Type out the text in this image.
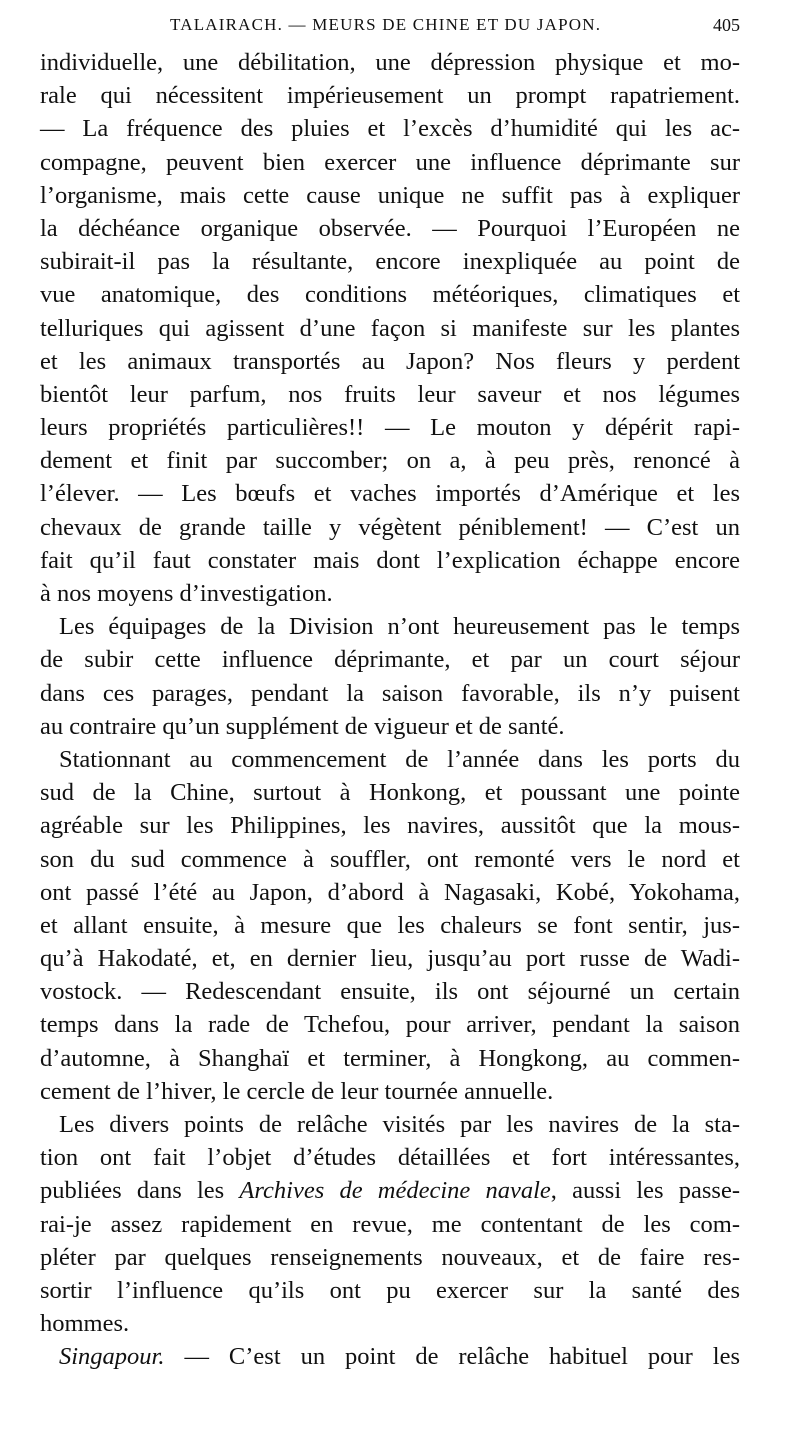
TALAIRACH. — MEURS DE CHINE ET DU JAPON.	405
individuelle, une débilitation, une dépression physique et mo-
rale qui nécessitent impérieusement un prompt rapatriement.
— La fréquence des pluies et l’excès d’humidité qui les ac-
compagne, peuvent bien exercer une influence déprimante sur
l’organisme, mais cette cause unique ne suffit pas à expliquer
la déchéance organique observée. — Pourquoi l’Européen ne
subirait-il pas la résultante, encore inexpliquée au point de
vue anatomique, des conditions météoriques, climatiques et
telluriques qui agissent d’une façon si manifeste sur les plantes
et les animaux transportés au Japon? Nos fleurs y perdent
bientôt leur parfum, nos fruits leur saveur et nos légumes
leurs propriétés particulières!! — Le mouton y dépérit rapi-
dement et finit par succomber; on a, à peu près, renoncé à
l’élever. — Les bœufs et vaches importés d’Amérique et les
chevaux de grande taille y végètent péniblement! — C’est un
fait qu’il faut constater mais dont l’explication échappe encore
à nos moyens d’investigation.
Les équipages de la Division n’ont heureusement pas le temps
de subir cette influence déprimante, et par un court séjour
dans ces parages, pendant la saison favorable, ils n’y puisent
au contraire qu’un supplément de vigueur et de santé.
Stationnant au commencement de l’année dans les ports du
sud de la Chine, surtout à Honkong, et poussant une pointe
agréable sur les Philippines, les navires, aussitôt que la mous-
son du sud commence à souffler, ont remonté vers le nord et
ont passé l’été au Japon, d’abord à Nagasaki, Kobé, Yokohama,
et allant ensuite, à mesure que les chaleurs se font sentir, jus-
qu’à Hakodaté, et, en dernier lieu, jusqu’au port russe de Wadi-
vostock. — Redescendant ensuite, ils ont séjourné un certain
temps dans la rade de Tchefou, pour arriver, pendant la saison
d’automne, à Shanghaï et terminer, à Hongkong, au commen-
cement de l’hiver, le cercle de leur tournée annuelle.
Les divers points de relâche visités par les navires de la sta-
tion ont fait l’objet d’études détaillées et fort intéressantes,
publiées dans les Archives de médecine navale, aussi les passe-
rai-je assez rapidement en revue, me contentant de les com-
pléter par quelques renseignements nouveaux, et de faire res-
sortir l’influence qu’ils ont pu exercer sur la santé des
hommes.
Singapour. — C’est un point de relâche habituel pour les
